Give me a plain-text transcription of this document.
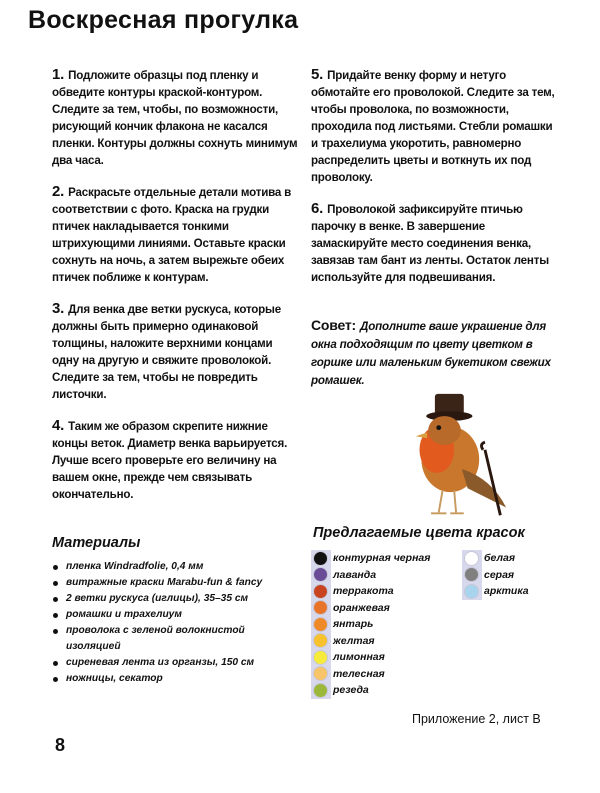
Воскресная прогулка
1. Подложите образцы под пленку и обведите контуры краской-контуром. Следите за тем, чтобы, по возможности, рисующий кончик флакона не касался пленки. Контуры должны сохнуть минимум два часа.
2. Раскрасьте отдельные детали мотива в соответствии с фото. Краска на грудки птичек накладывается тонкими штрихующими линиями. Оставьте краски сохнуть на ночь, а затем вырежьте обеих птичек поближе к контурам.
3. Для венка две ветки рускуса, которые должны быть примерно одинаковой толщины, наложите верхними концами одну на другую и свяжите проволокой. Следите за тем, чтобы не повредить листочки.
4. Таким же образом скрепите нижние концы веток. Диаметр венка варьируется. Лучше всего проверьте его величину на вашем окне, прежде чем связывать окончательно.
Материалы
пленка Windradfolie, 0,4 мм
витражные краски Marabu-fun & fancy
2 ветки рускуса (иглицы), 35–35 см
ромашки и трахелиум
проволока с зеленой волокнистой изоляцией
сиреневая лента из органзы, 150 см
ножницы, секатор
5. Придайте венку форму и нетуго обмотайте его проволокой. Следите за тем, чтобы проволока, по возможности, проходила под листьями. Стебли ромашки и трахелиума укоротить, равномерно распределить цветы и воткнуть их под проволоку.
6. Проволокой зафиксируйте птичью парочку в венке. В завершение замаскируйте место соединения венка, завязав там бант из ленты. Остаток ленты используйте для подвешивания.
Совет: Дополните ваше украшение для окна подходящим по цвету цветком в горшке или маленьким букетиком свежих ромашек.
Предлагаемые цвета красок
контурная черная
лаванда
терракота
оранжевая
янтарь
желтая
лимонная
телесная
резеда
белая
серая
арктика
Приложение 2, лист В
8
